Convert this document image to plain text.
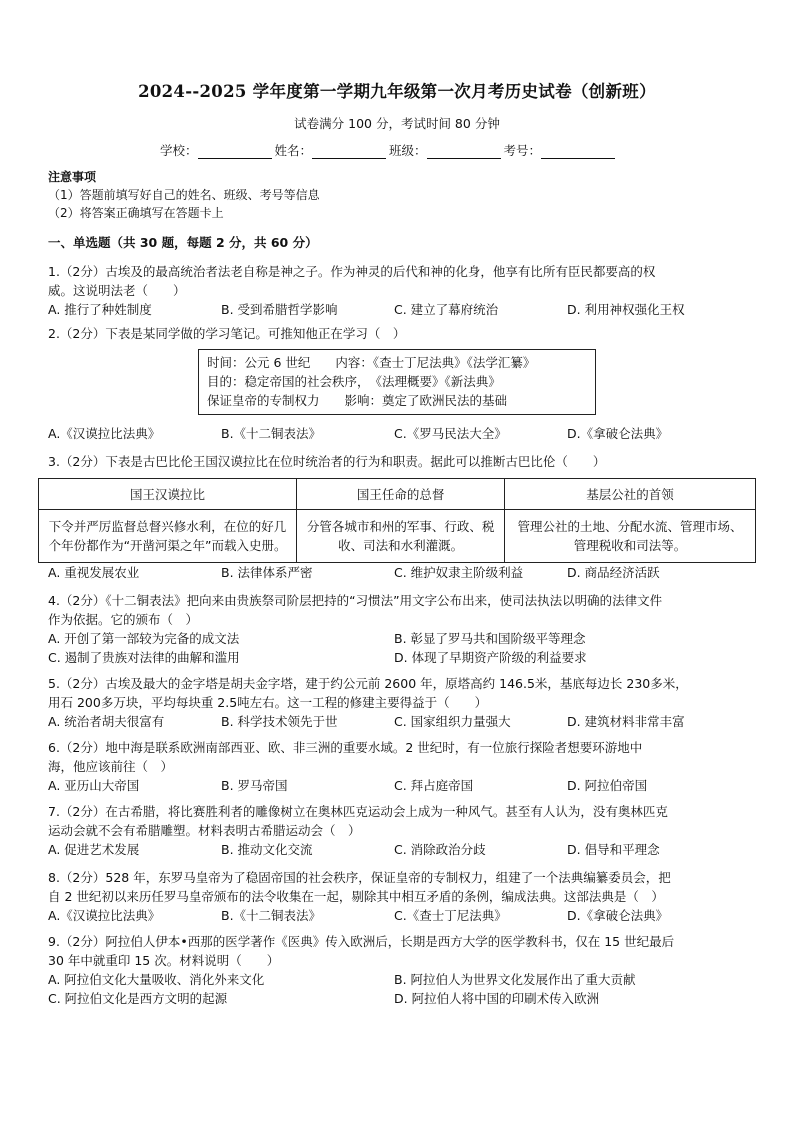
2024--2025 学年度第一学期九年级第一次月考历史试卷（创新班）
试卷满分 100 分，考试时间 80 分钟
学校：	姓名：	班级：	考号：
注意事项
（1）答题前填写好自己的姓名、班级、考号等信息
（2）将答案正确填写在答题卡上
一、单选题（共 30 题，每题 2 分，共 60 分）
1.（2分）古埃及的最高统治者法老自称是神之子。作为神灵的后代和神的化身，他享有比所有臣民都要高的权
威。这说明法老（　　）
A. 推行了种姓制度	B. 受到希腊哲学影响	C. 建立了幕府统治	D. 利用神权强化王权
2.（2分）下表是某同学做的学习笔记。可推知他正在学习（　）
时间：公元 6 世纪　　内容：《查士丁尼法典》《法学汇纂》
目的：稳定帝国的社会秩序，　《法理概要》《新法典》
保证皇帝的专制权力　　影响：奠定了欧洲民法的基础
A.《汉谟拉比法典》	B.《十二铜表法》	C.《罗马民法大全》	D.《拿破仑法典》
3.（2分）下表是古巴比伦王国汉谟拉比在位时统治者的行为和职责。据此可以推断古巴比伦（　　）
国王汉谟拉比	国王任命的总督	基层公社的首领
下令并严厉监督总督兴修水利，在位的好几个年份都作为“开凿河渠之年”而载入史册。	分管各城市和州的军事、行政、税收、司法和水利灌溉。	管理公社的土地、分配水流、管理市场、管理税收和司法等。
A. 重视发展农业	B. 法律体系严密	C. 维护奴隶主阶级利益	D. 商品经济活跃
4.（2分）《十二铜表法》把向来由贵族祭司阶层把持的“习惯法”用文字公布出来，使司法执法以明确的法律文件
作为依据。它的颁布（　）
A. 开创了第一部较为完备的成文法	B. 彰显了罗马共和国阶级平等理念
C. 遏制了贵族对法律的曲解和滥用	D. 体现了早期资产阶级的利益要求
5.（2分）古埃及最大的金字塔是胡夫金字塔，建于约公元前 2600 年，原塔高约 146.5米，基底每边长 230多米，
用石 200多万块，平均每块重 2.5吨左右。这一工程的修建主要得益于（　　）
A. 统治者胡夫很富有	B. 科学技术领先于世	C. 国家组织力量强大	D. 建筑材料非常丰富
6.（2分）地中海是联系欧洲南部西亚、欧、非三洲的重要水域。2 世纪时，有一位旅行探险者想要环游地中
海，他应该前往（　）
A. 亚历山大帝国	B. 罗马帝国	C. 拜占庭帝国	D. 阿拉伯帝国
7.（2分）在古希腊，将比赛胜利者的雕像树立在奥林匹克运动会上成为一种风气。甚至有人认为，没有奥林匹克
运动会就不会有希腊雕塑。材料表明古希腊运动会（　）
A. 促进艺术发展	B. 推动文化交流	C. 消除政治分歧	D. 倡导和平理念
8.（2分）528 年，东罗马皇帝为了稳固帝国的社会秩序，保证皇帝的专制权力，组建了一个法典编纂委员会，把
自 2 世纪初以来历任罗马皇帝颁布的法令收集在一起，剔除其中相互矛盾的条例，编成法典。这部法典是（　）
A.《汉谟拉比法典》	B.《十二铜表法》	C.《查士丁尼法典》	D.《拿破仑法典》
9.（2分）阿拉伯人伊本•西那的医学著作《医典》传入欧洲后，长期是西方大学的医学教科书，仅在 15 世纪最后
30 年中就重印 15 次。材料说明（　　）
A. 阿拉伯文化大量吸收、消化外来文化	B. 阿拉伯人为世界文化发展作出了重大贡献
C. 阿拉伯文化是西方文明的起源	D. 阿拉伯人将中国的印刷术传入欧洲
